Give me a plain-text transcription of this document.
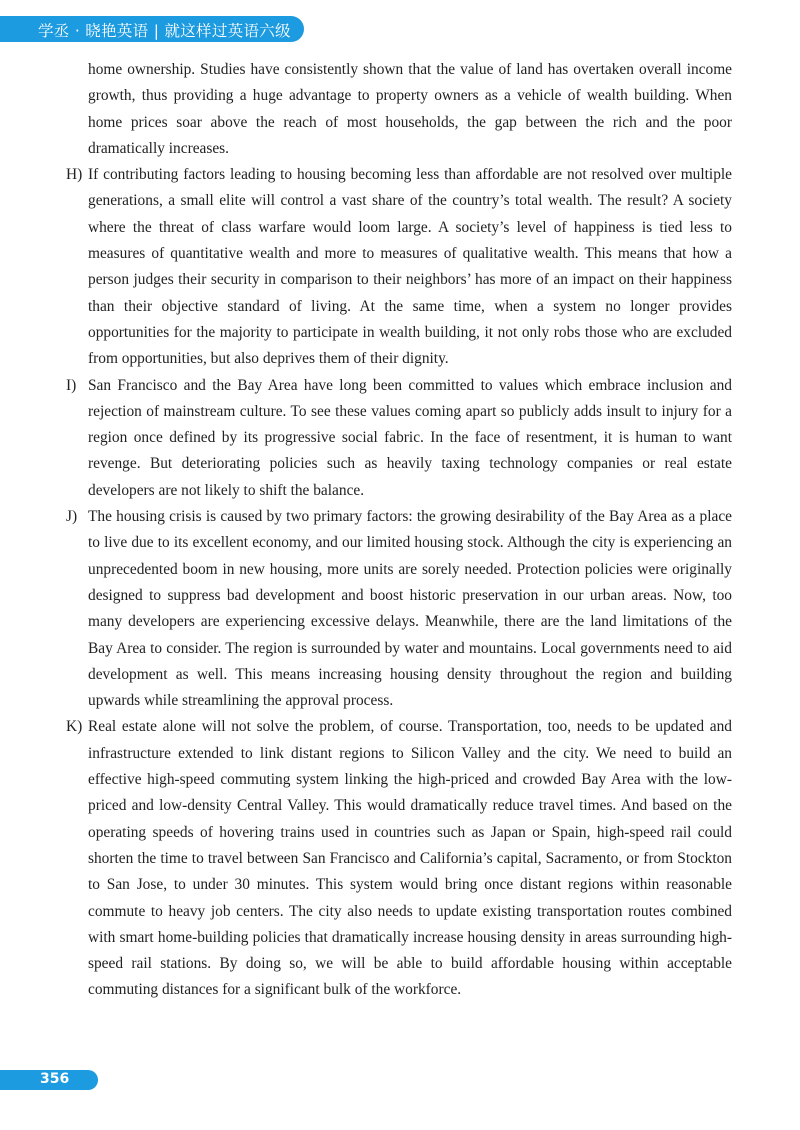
学丞 · 晓艳英语 | 就这样过英语六级

home ownership. Studies have consistently shown that the value of land has overtaken overall income growth, thus providing a huge advantage to property owners as a vehicle of wealth building. When home prices soar above the reach of most households, the gap between the rich and the poor dramatically increases.

H) If contributing factors leading to housing becoming less than affordable are not resolved over multiple generations, a small elite will control a vast share of the country’s total wealth. The result? A society where the threat of class warfare would loom large. A society’s level of happiness is tied less to measures of quantitative wealth and more to measures of qualitative wealth. This means that how a person judges their security in comparison to their neighbors’ has more of an impact on their happiness than their objective standard of living. At the same time, when a system no longer provides opportunities for the majority to participate in wealth building, it not only robs those who are excluded from opportunities, but also deprives them of their dignity.

I) San Francisco and the Bay Area have long been committed to values which embrace inclusion and rejection of mainstream culture. To see these values coming apart so publicly adds insult to injury for a region once defined by its progressive social fabric. In the face of resentment, it is human to want revenge. But deteriorating policies such as heavily taxing technology companies or real estate developers are not likely to shift the balance.

J) The housing crisis is caused by two primary factors: the growing desirability of the Bay Area as a place to live due to its excellent economy, and our limited housing stock. Although the city is experiencing an unprecedented boom in new housing, more units are sorely needed. Protection policies were originally designed to suppress bad development and boost historic preservation in our urban areas. Now, too many developers are experiencing excessive delays. Meanwhile, there are the land limitations of the Bay Area to consider. The region is surrounded by water and mountains. Local governments need to aid development as well. This means increasing housing density throughout the region and building upwards while streamlining the approval process.

K) Real estate alone will not solve the problem, of course. Transportation, too, needs to be updated and infrastructure extended to link distant regions to Silicon Valley and the city. We need to build an effective high-speed commuting system linking the high-priced and crowded Bay Area with the low-priced and low-density Central Valley. This would dramatically reduce travel times. And based on the operating speeds of hovering trains used in countries such as Japan or Spain, high-speed rail could shorten the time to travel between San Francisco and California’s capital, Sacramento, or from Stockton to San Jose, to under 30 minutes. This system would bring once distant regions within reasonable commute to heavy job centers. The city also needs to update existing transportation routes combined with smart home-building policies that dramatically increase housing density in areas surrounding high-speed rail stations. By doing so, we will be able to build affordable housing within acceptable commuting distances for a significant bulk of the workforce.

356
